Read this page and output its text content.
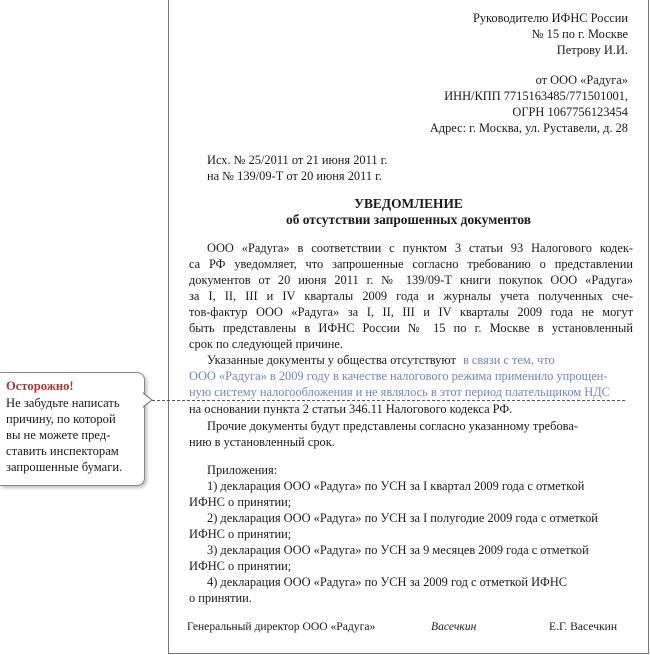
Руководителю ИФНС России
№ 15 по г. Москве
Петрову И.И.
от ООО «Радуга»
ИНН/КПП 7715163485/771501001,
ОГРН 1067756123454
Адрес: г. Москва, ул. Руставели, д. 28
Исх. № 25/2011 от 21 июня 2011 г.
на № 139/09-Т от 20 июня 2011 г.
УВЕДОМЛЕНИЕ
об отсутствии запрошенных документов
ООО «Радуга» в соответствии с пунктом 3 статьи 93 Налогового кодек-
са РФ уведомляет, что запрошенные согласно требованию о представлении
документов от 20 июня 2011 г. № 139/09-Т книги покупок ООО «Радуга»
за I, II, III и IV кварталы 2009 года и журналы учета полученных сче-
тов-фактур ООО «Радуга» за I, II, III и IV кварталы 2009 года не могут
быть представлены в ИФНС России № 15 по г. Москве в установленный
срок по следующей причине.
Указанные документы у общества отсутствуют в связи с тем, что
ООО «Радуга» в 2009 году в качестве налогового режима применило упрощен-
ную систему налогообложения и не являлось в этот период плательщиком НДС
на основании пункта 2 статьи 346.11 Налогового кодекса РФ.
Прочие документы будут представлены согласно указанному требова-
нию в установленный срок.
Приложения:
1) декларация ООО «Радуга» по УСН за I квартал 2009 года с отметкой
ИФНС о принятии;
2) декларация ООО «Радуга» по УСН за I полугодие 2009 года с отметкой
ИФНС о принятии;
3) декларация ООО «Радуга» по УСН за 9 месяцев 2009 года с отметкой
ИФНС о принятии;
4) декларация ООО «Радуга» по УСН за 2009 год с отметкой ИФНС
о принятии.
Генеральный директор ООО «Радуга»	Васечкин	Е.Г. Васечкин
Осторожно!
Не забудьте написать
причину, по которой
вы не можете пред-
ставить инспекторам
запрошенные бумаги.
